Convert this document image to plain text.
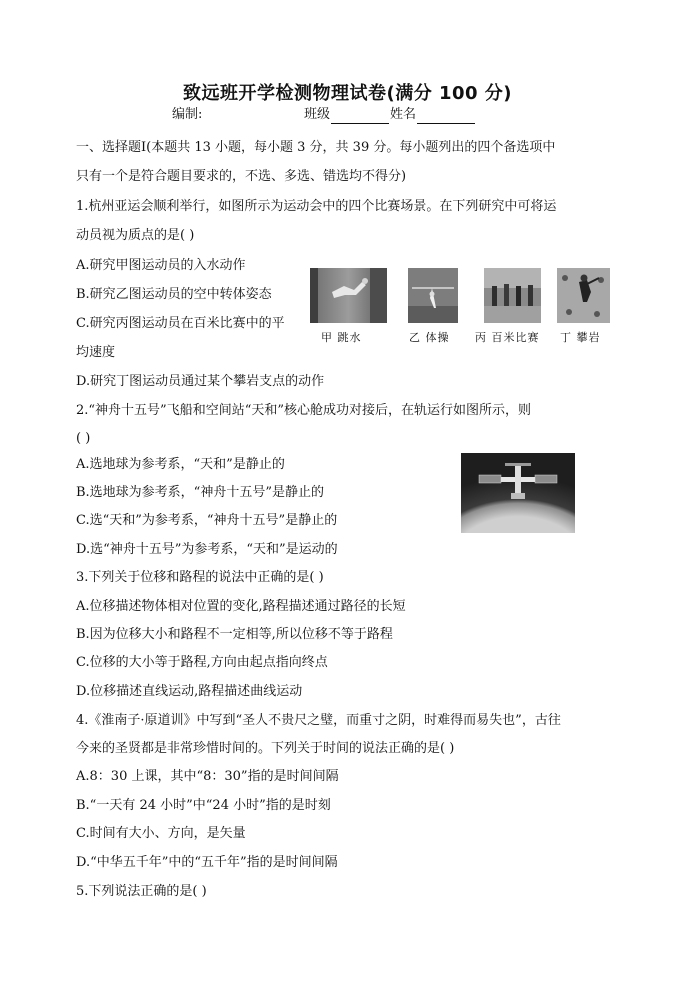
致远班开学检测物理试卷(满分 100 分)
编制:	班级	姓名
一、选择题Ⅰ(本题共 13 小题，每小题 3 分，共 39 分。每小题列出的四个备选项中
只有一个是符合题目要求的，不选、多选、错选均不得分)
1.杭州亚运会顺利举行，如图所示为运动会中的四个比赛场景。在下列研究中可将运
动员视为质点的是( )
A.研究甲图运动员的入水动作
B.研究乙图运动员的空中转体姿态
C.研究丙图运动员在百米比赛中的平
均速度
D.研究丁图运动员通过某个攀岩支点的动作
甲 跳水	乙 体操 丙 百米比赛 丁 攀岩
2.“神舟十五号”飞船和空间站“天和”核心舱成功对接后，在轨运行如图所示，则
( )
A.选地球为参考系，“天和”是静止的
B.选地球为参考系，“神舟十五号”是静止的
C.选“天和”为参考系，“神舟十五号”是静止的
D.选“神舟十五号”为参考系，“天和”是运动的
3.下列关于位移和路程的说法中正确的是( )
A.位移描述物体相对位置的变化,路程描述通过路径的长短
B.因为位移大小和路程不一定相等,所以位移不等于路程
C.位移的大小等于路程,方向由起点指向终点
D.位移描述直线运动,路程描述曲线运动
4.《淮南子·原道训》中写到“圣人不贵尺之璧，而重寸之阴，时难得而易失也”，古往
今来的圣贤都是非常珍惜时间的。下列关于时间的说法正确的是( )
A.8：30 上课，其中“8：30”指的是时间间隔
B.“一天有 24 小时”中“24 小时”指的是时刻
C.时间有大小、方向，是矢量
D.“中华五千年”中的“五千年”指的是时间间隔
5.下列说法正确的是( )
